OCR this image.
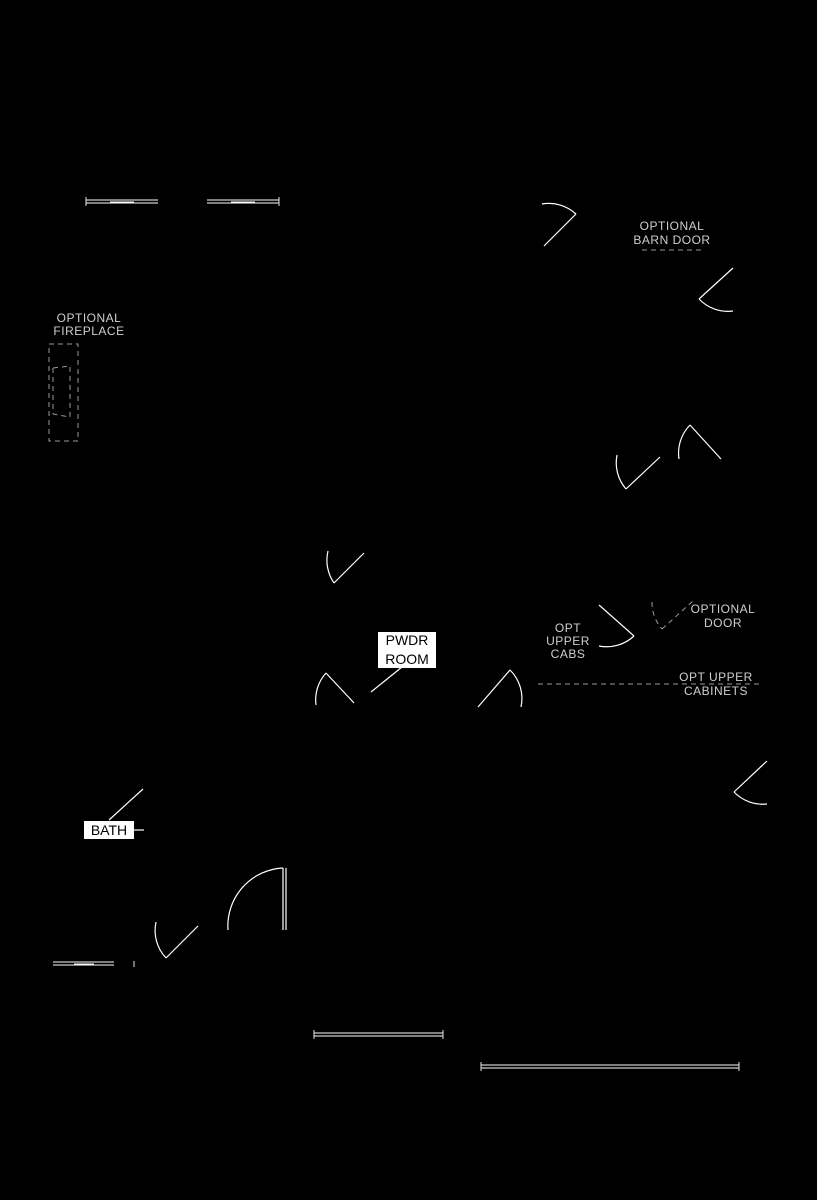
OPTIONAL
BARN DOOR
OPTIONAL
FIREPLACE
PWDR
ROOM
OPT
UPPER
CABS
OPTIONAL
DOOR
OPT UPPER
CABINETS
BATH
